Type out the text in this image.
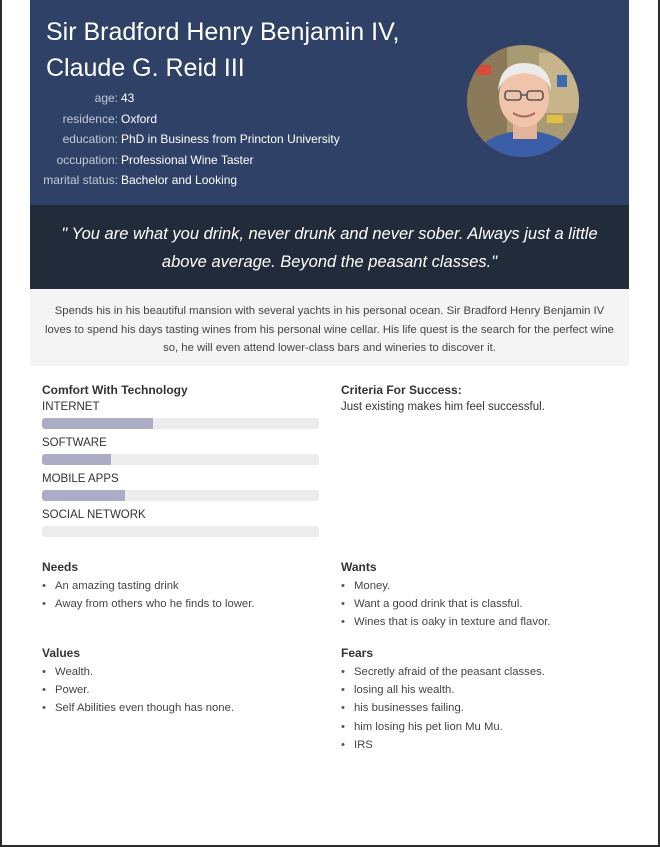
Sir Bradford Henry Benjamin IV,
Claude G. Reid III
age: 43
residence: Oxford
education: PhD in Business from Princton University
occupation: Professional Wine Taster
marital status: Bachelor and Looking
" You are what you drink, never drunk and never sober. Always just a little above average. Beyond the peasant classes."
Spends his in his beautiful mansion with several yachts in his personal ocean. Sir Bradford Henry Benjamin IV loves to spend his days tasting wines from his personal wine cellar. His life quest is the search for the perfect wine so, he will even attend lower-class bars and wineries to discover it.
Comfort With Technology
INTERNET
SOFTWARE
MOBILE APPS
SOCIAL NETWORK
Criteria For Success:
Just existing makes him feel successful.
Needs
• An amazing tasting drink
• Away from others who he finds to lower.
Wants
• Money.
• Want a good drink that is classful.
• Wines that is oaky in texture and flavor.
Values
• Wealth.
• Power.
• Self Abilities even though has none.
Fears
• Secretly afraid of the peasant classes.
• losing all his wealth.
• his businesses failing.
• him losing his pet lion Mu Mu.
• IRS
